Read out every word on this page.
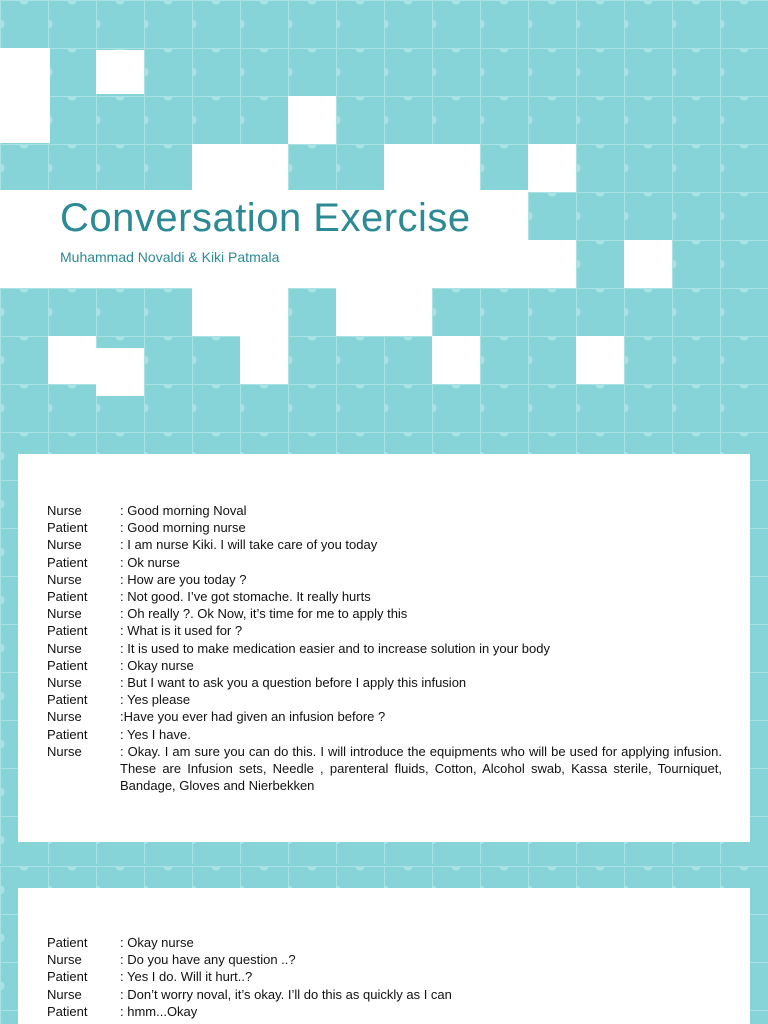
Conversation Exercise

Muhammad Novaldi & Kiki Patmala

Nurse	: Good morning Noval
Patient	: Good morning nurse
Nurse	: I am nurse Kiki. I will take care of you today
Patient	: Ok nurse
Nurse	: How are you today ?
Patient	: Not good. I’ve got stomache. It really hurts
Nurse	: Oh really ?. Ok Now, it’s time for me to apply this
Patient	: What is it used for ?
Nurse	: It is used to make medication easier and to increase solution in your body
Patient	: Okay nurse
Nurse	: But I want to ask you a question before I apply this infusion
Patient	: Yes please
Nurse	:Have you ever had given an infusion before ?
Patient	: Yes I have.
Nurse	: Okay. I am sure you can do this. I will introduce the equipments who will be used for applying infusion. These are Infusion sets, Needle , parenteral fluids, Cotton, Alcohol swab, Kassa sterile, Tourniquet, Bandage, Gloves and Nierbekken
Patient	: Okay nurse
Nurse	: Do you have any question ..?
Patient	: Yes I do. Will it hurt..?
Nurse	: Don’t worry noval, it’s okay. I’ll do this as quickly as I can
Patient	: hmm...Okay
